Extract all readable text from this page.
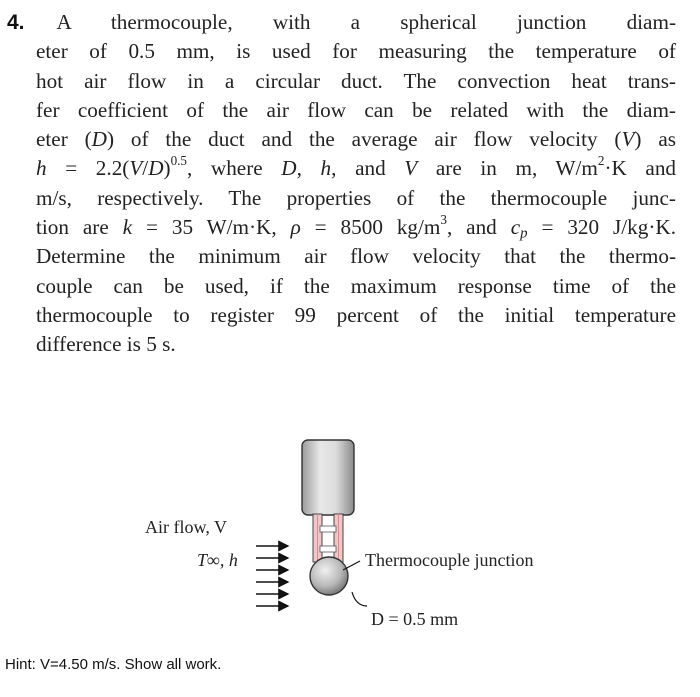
4. A thermocouple, with a spherical junction diam-
eter of 0.5 mm, is used for measuring the temperature of
hot air flow in a circular duct. The convection heat trans-
fer coefficient of the air flow can be related with the diam-
eter (D) of the duct and the average air flow velocity (V) as
$h = 2.2(V/D)^{0.5}$, where D, h, and V are in m, $W/m^2\cdot K$ and
m/s, respectively. The properties of the thermocouple junc-
tion are k = 35 W/m·K, ρ = 8500 $kg/m^3$, and $c_p = 320$ J/kg·K.
Determine the minimum air flow velocity that the thermo-
couple can be used, if the maximum response time of the
thermocouple to register 99 percent of the initial temperature
difference is 5 s.
Air flow, V
T∞, h	Thermocouple junction
D = 0.5 mm
Hint: V=4.50 m/s. Show all work.
